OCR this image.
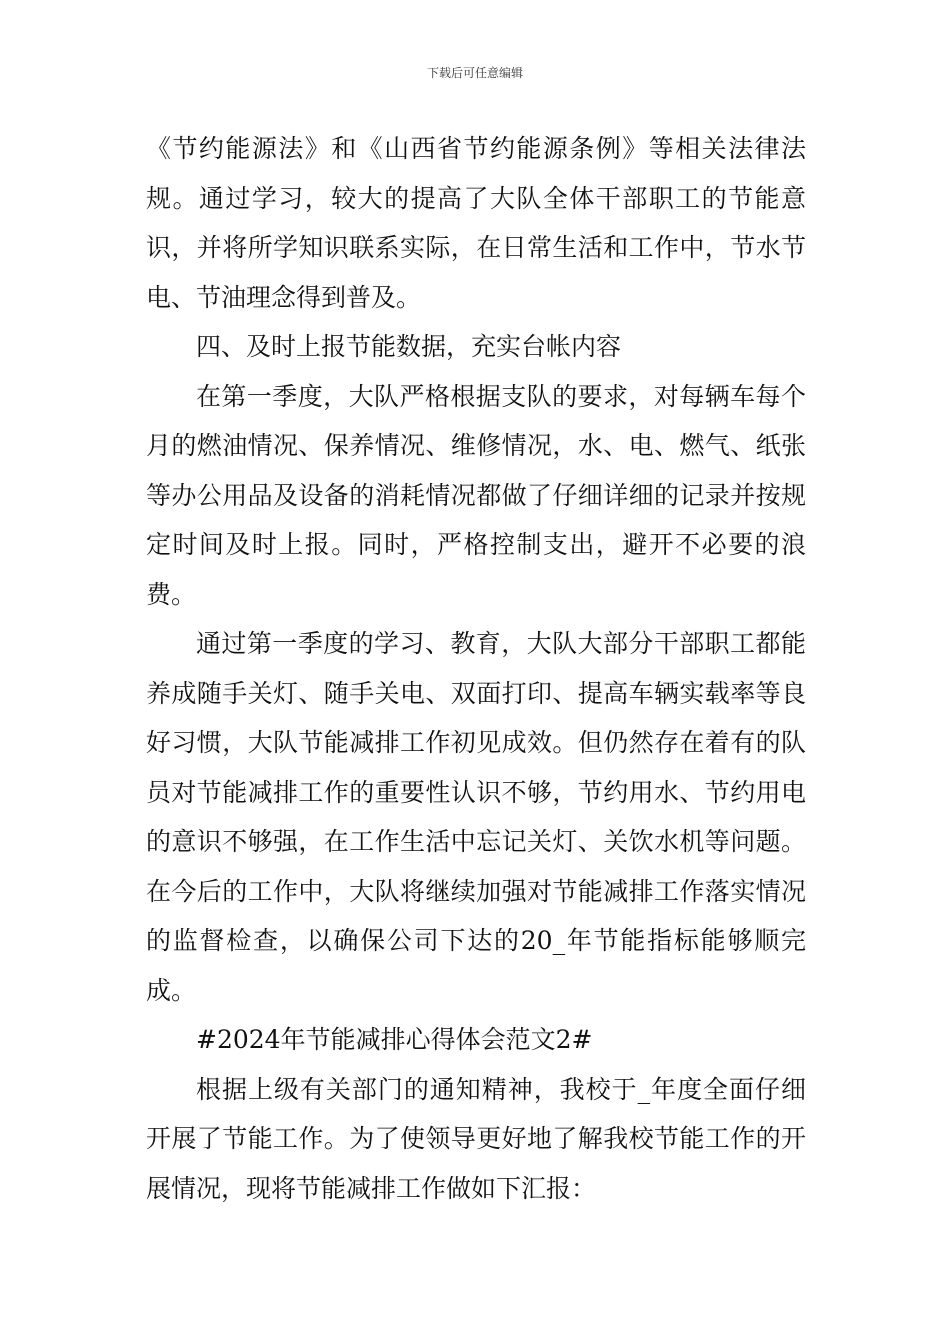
下载后可任意编辑

《节约能源法》和《山西省节约能源条例》等相关法律法规。通过学习，较大的提高了大队全体干部职工的节能意识，并将所学知识联系实际，在日常生活和工作中，节水节电、节油理念得到普及。

四、及时上报节能数据，充实台帐内容

在第一季度，大队严格根据支队的要求，对每辆车每个月的燃油情况、保养情况、维修情况，水、电、燃气、纸张等办公用品及设备的消耗情况都做了仔细详细的记录并按规定时间及时上报。同时，严格控制支出，避开不必要的浪费。

通过第一季度的学习、教育，大队大部分干部职工都能养成随手关灯、随手关电、双面打印、提高车辆实载率等良好习惯，大队节能减排工作初见成效。但仍然存在着有的队员对节能减排工作的重要性认识不够，节约用水、节约用电的意识不够强，在工作生活中忘记关灯、关饮水机等问题。在今后的工作中，大队将继续加强对节能减排工作落实情况的监督检查，以确保公司下达的20_年节能指标能够顺完成。

#2024年节能减排心得体会范文2#

根据上级有关部门的通知精神，我校于_年度全面仔细开展了节能工作。为了使领导更好地了解我校节能工作的开展情况，现将节能减排工作做如下汇报：
